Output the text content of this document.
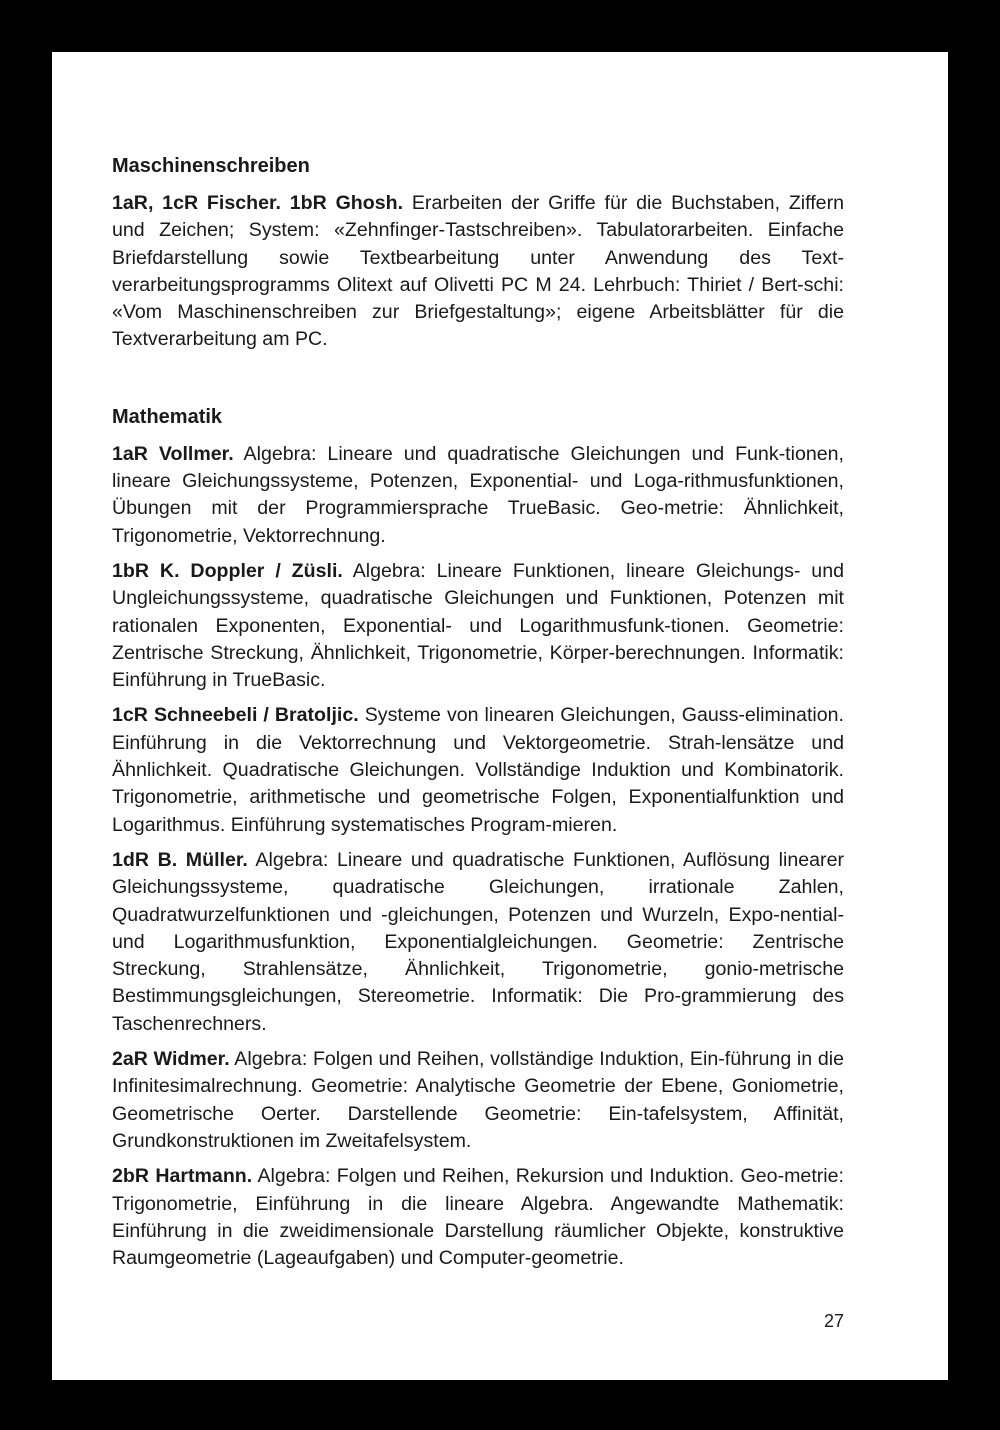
Maschinenschreiben

1aR, 1cR Fischer. 1bR Ghosh. Erarbeiten der Griffe für die Buchstaben, Ziffern und Zeichen; System: «Zehnfinger-Tastschreiben». Tabulatorarbeiten. Einfache Briefdarstellung sowie Textbearbeitung unter Anwendung des Text-verarbeitungsprogramms Olitext auf Olivetti PC M 24. Lehrbuch: Thiriet / Bert-schi: «Vom Maschinenschreiben zur Briefgestaltung»; eigene Arbeitsblätter für die Textverarbeitung am PC.

Mathematik

1aR Vollmer. Algebra: Lineare und quadratische Gleichungen und Funk-tionen, lineare Gleichungssysteme, Potenzen, Exponential- und Loga-rithmusfunktionen, Übungen mit der Programmiersprache TrueBasic. Geo-metrie: Ähnlichkeit, Trigonometrie, Vektorrechnung.

1bR K. Doppler / Züsli. Algebra: Lineare Funktionen, lineare Gleichungs- und Ungleichungssysteme, quadratische Gleichungen und Funktionen, Potenzen mit rationalen Exponenten, Exponential- und Logarithmusfunk-tionen. Geometrie: Zentrische Streckung, Ähnlichkeit, Trigonometrie, Körper-berechnungen. Informatik: Einführung in TrueBasic.

1cR Schneebeli / Bratoljic. Systeme von linearen Gleichungen, Gauss-elimination. Einführung in die Vektorrechnung und Vektorgeometrie. Strah-lensätze und Ähnlichkeit. Quadratische Gleichungen. Vollständige Induktion und Kombinatorik. Trigonometrie, arithmetische und geometrische Folgen, Exponentialfunktion und Logarithmus. Einführung systematisches Program-mieren.

1dR B. Müller. Algebra: Lineare und quadratische Funktionen, Auflösung linearer Gleichungssysteme, quadratische Gleichungen, irrationale Zahlen, Quadratwurzelfunktionen und -gleichungen, Potenzen und Wurzeln, Expo-nential- und Logarithmusfunktion, Exponentialgleichungen. Geometrie: Zentrische Streckung, Strahlensätze, Ähnlichkeit, Trigonometrie, gonio-metrische Bestimmungsgleichungen, Stereometrie. Informatik: Die Pro-grammierung des Taschenrechners.

2aR Widmer. Algebra: Folgen und Reihen, vollständige Induktion, Ein-führung in die Infinitesimalrechnung. Geometrie: Analytische Geometrie der Ebene, Goniometrie, Geometrische Oerter. Darstellende Geometrie: Ein-tafelsystem, Affinität, Grundkonstruktionen im Zweitafelsystem.

2bR Hartmann. Algebra: Folgen und Reihen, Rekursion und Induktion. Geo-metrie: Trigonometrie, Einführung in die lineare Algebra. Angewandte Mathematik: Einführung in die zweidimensionale Darstellung räumlicher Objekte, konstruktive Raumgeometrie (Lageaufgaben) und Computer-geometrie.

27
